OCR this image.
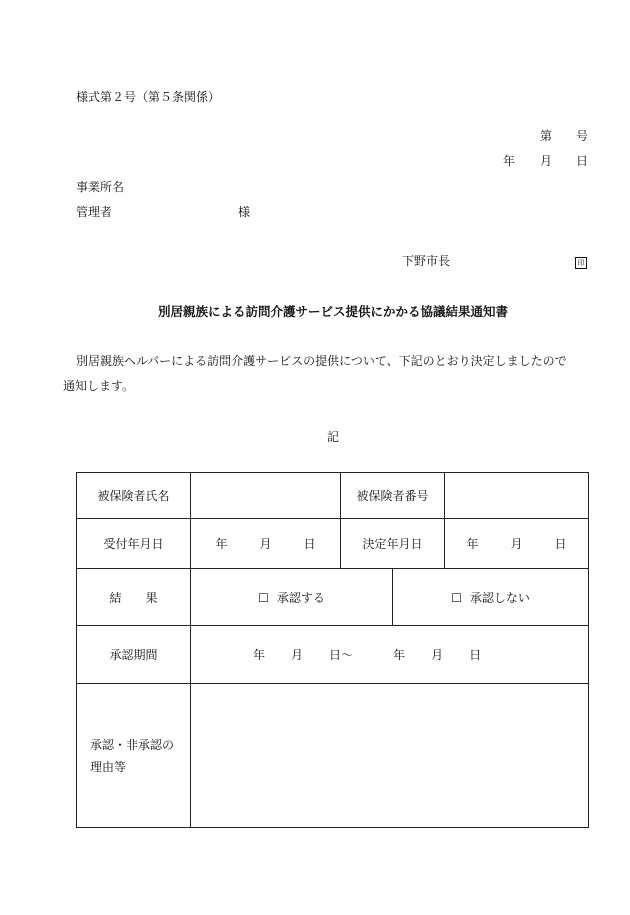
様式第２号（第５条関係）
第 号
年 月 日
事業所名
管理者	様
下野市長	印
別居親族による訪問介護サービス提供にかかる協議結果通知書
別居親族ヘルパーによる訪問介護サービスの提供について、下記のとおり決定しましたので
通知します。
記
被保険者氏名		被保険者番号		
受付年月日	年 月 日	決定年月日		年 月 日
結 果	☐ 承認する		☐ 承認しない	
承認期間	年 月 日～ 年 月 日			

承認・非承認の
理由等				
